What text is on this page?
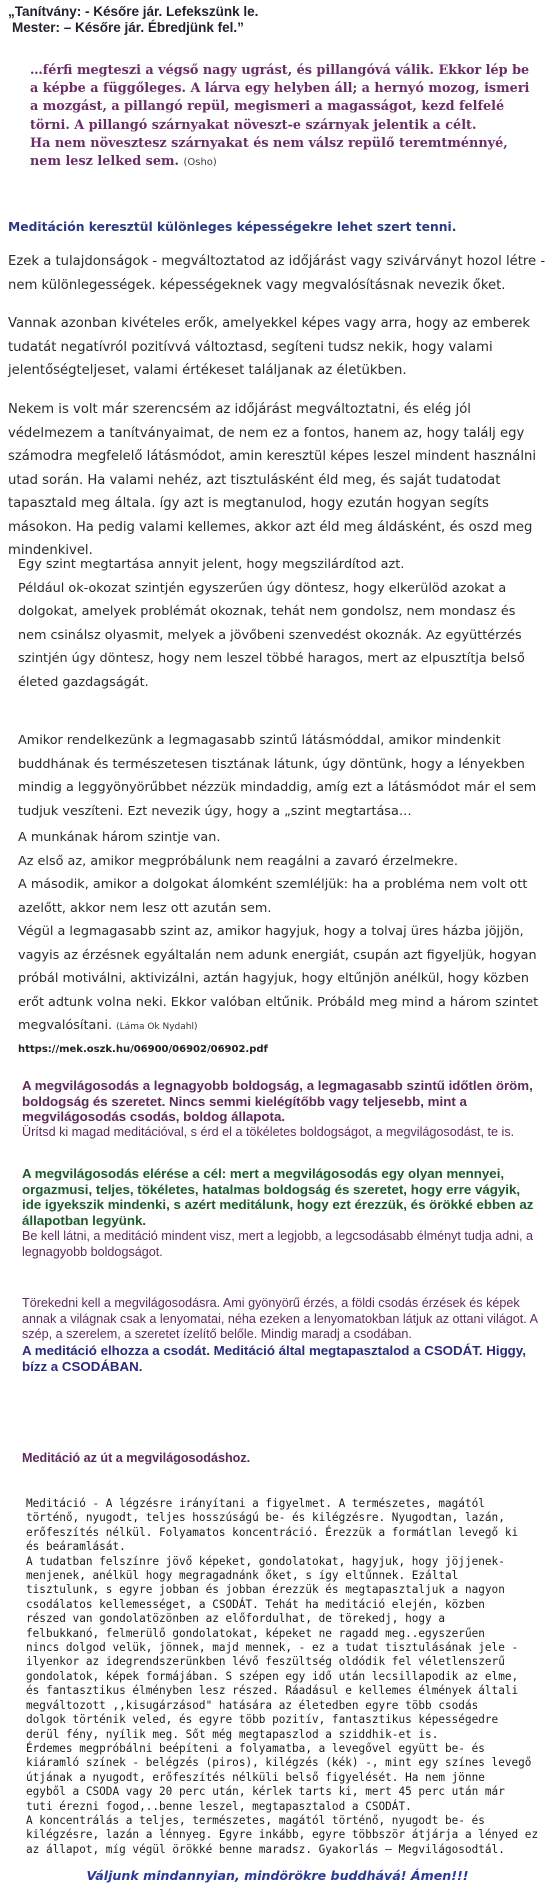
„Tanítvány: - Későre jár. Lefekszünk le.
Mester: – Későre jár. Ébredjünk fel.”
…férfi megteszi a végső nagy ugrást, és pillangóvá válik. Ekkor lép be
a képbe a függőleges. A lárva egy helyben áll; a hernyó mozog, ismeri
a mozgást, a pillangó repül, megismeri a magasságot, kezd felfelé
törni. A pillangó szárnyakat növeszt-e szárnyak jelentik a célt.
Ha nem növesztesz szárnyakat és nem válsz repülő teremtménnyé,
nem lesz lelked sem. (Osho)
Meditáción keresztül különleges képességekre lehet szert tenni.
Ezek a tulajdonságok - megváltoztatod az időjárást vagy szivárványt hozol létre - nem különlegességek. képességeknek vagy megvalósításnak nevezik őket.
Vannak azonban kivételes erők, amelyekkel képes vagy arra, hogy az emberek tudatát negatívról pozitívvá változtasd, segíteni tudsz nekik, hogy valami jelentőségteljeset, valami értékeset találjanak az életükben.
Nekem is volt már szerencsém az időjárást megváltoztatni, és elég jól védelmezem a tanítványaimat, de nem ez a fontos, hanem az, hogy találj egy számodra megfelelő látásmódot, amin keresztül képes leszel mindent használni utad során. Ha valami nehéz, azt tisztulásként éld meg, és saját tudatodat tapasztald meg általa. így azt is megtanulod, hogy ezután hogyan segíts másokon. Ha pedig valami kellemes, akkor azt éld meg áldásként, és oszd meg mindenkivel.
Egy szint megtartása annyit jelent, hogy megszilárdítod azt.
Például ok-okozat szintjén egyszerűen úgy döntesz, hogy elkerülöd azokat a dolgokat, amelyek problémát okoznak, tehát nem gondolsz, nem mondasz és nem csinálsz olyasmit, melyek a jövőbeni szenvedést okoznák. Az együttérzés szintjén úgy döntesz, hogy nem leszel többé haragos, mert az elpusztítja belső életed gazdagságát.
Amikor rendelkezünk a legmagasabb szintű látásmóddal, amikor mindenkit buddhának és természetesen tisztának látunk, úgy döntünk, hogy a lényekben mindig a leggyönyörűbbet nézzük mindaddig, amíg ezt a látásmódot már el sem tudjuk veszíteni. Ezt nevezik úgy, hogy a „szint megtartása…
A munkának három szintje van.
Az első az, amikor megpróbálunk nem reagálni a zavaró érzelmekre.
A második, amikor a dolgokat álomként szemléljük: ha a probléma nem volt ott azelőtt, akkor nem lesz ott azután sem.
Végül a legmagasabb szint az, amikor hagyjuk, hogy a tolvaj üres házba jöjjön, vagyis az érzésnek egyáltalán nem adunk energiát, csupán azt figyeljük, hogyan próbál motiválni, aktivizálni, aztán hagyjuk, hogy eltűnjön anélkül, hogy közben erőt adtunk volna neki. Ekkor valóban eltűnik. Próbáld meg mind a három szintet megvalósítani. (Láma Ok Nydahl)
https://mek.oszk.hu/06900/06902/06902.pdf
A megvilágosodás a legnagyobb boldogság, a legmagasabb szintű időtlen öröm, boldogság és szeretet. Nincs semmi kielégítőbb vagy teljesebb, mint a megvilágosodás csodás, boldog állapota.
Ürítsd ki magad meditációval, s érd el a tökéletes boldogságot, a megvilágosodást, te is.
A megvilágosodás elérése a cél: mert a megvilágosodás egy olyan mennyei, orgazmusi, teljes, tökéletes, hatalmas boldogság és szeretet, hogy erre vágyik, ide igyekszik mindenki, s azért meditálunk, hogy ezt érezzük, és örökké ebben az állapotban legyünk.
Be kell látni, a meditáció mindent visz, mert a legjobb, a legcsodásabb élményt tudja adni, a legnagyobb boldogságot.
Törekedni kell a megvilágosodásra. Ami gyönyörű érzés, a földi csodás érzések és képek annak a világnak csak a lenyomatai, néha ezeken a lenyomatokban látjuk az ottani világot. A szép, a szerelem, a szeretet ízelítő belőle. Mindig maradj a csodában.
A meditáció elhozza a csodát. Meditáció által megtapasztalod a CSODÁT. Higgy, bízz a CSODÁBAN.
Meditáció az út a megvilágosodáshoz.
Meditáció - A légzésre irányítani a figyelmet. A természetes, magától
történő, nyugodt, teljes hosszúságú be- és kilégzésre. Nyugodtan, lazán,
erőfeszítés nélkül. Folyamatos koncentráció. Érezzük a formátlan levegő ki
és beáramlását.
A tudatban felszínre jövő képeket, gondolatokat, hagyjuk, hogy jöjjenek-
menjenek, anélkül hogy megragadnánk őket, s így eltűnnek. Ezáltal
tisztulunk, s egyre jobban és jobban érezzük és megtapasztaljuk a nagyon
csodálatos kellemességet, a CSODÁT. Tehát ha meditáció elején, közben
részed van gondolatözönben az előfordulhat, de törekedj, hogy a
felbukkanó, felmerülő gondolatokat, képeket ne ragadd meg..egyszerűen
nincs dolgod velük, jönnek, majd mennek, - ez a tudat tisztulásának jele -
ilyenkor az idegrendszerünkben lévő feszültség oldódik fel véletlenszerű
gondolatok, képek formájában. S szépen egy idő után lecsillapodik az elme,
és fantasztikus élményben lesz részed. Ráadásul e kellemes élmények általi
megváltozott ,,kisugárzásod" hatására az életedben egyre több csodás
dolgok történik veled, és egyre több pozitív, fantasztikus képességedre
derül fény, nyílik meg. Sőt még megtapaszlod a sziddhik-et is.
Érdemes megpróbálni beépíteni a folyamatba, a levegővel együtt be- és
kiáramló színek - belégzés (piros), kilégzés (kék) -, mint egy színes levegő
útjának a nyugodt, erőfeszítés nélküli belső figyelését. Ha nem jönne
egyből a CSODA vagy 20 perc után, kérlek tarts ki, mert 45 perc után már
tuti érezni fogod,..benne leszel, megtapasztalod a CSODÁT.
A koncentrálás a teljes, természetes, magától történő, nyugodt be- és
kilégzésre, lazán a lénnyeg. Egyre inkább, egyre többször átjárja a lényed ez
az állapot, míg végül örökké benne maradsz. Gyakorlás – Megvilágosodtál.
Váljunk mindannyian, mindörökre buddhává! Ámen!!!
